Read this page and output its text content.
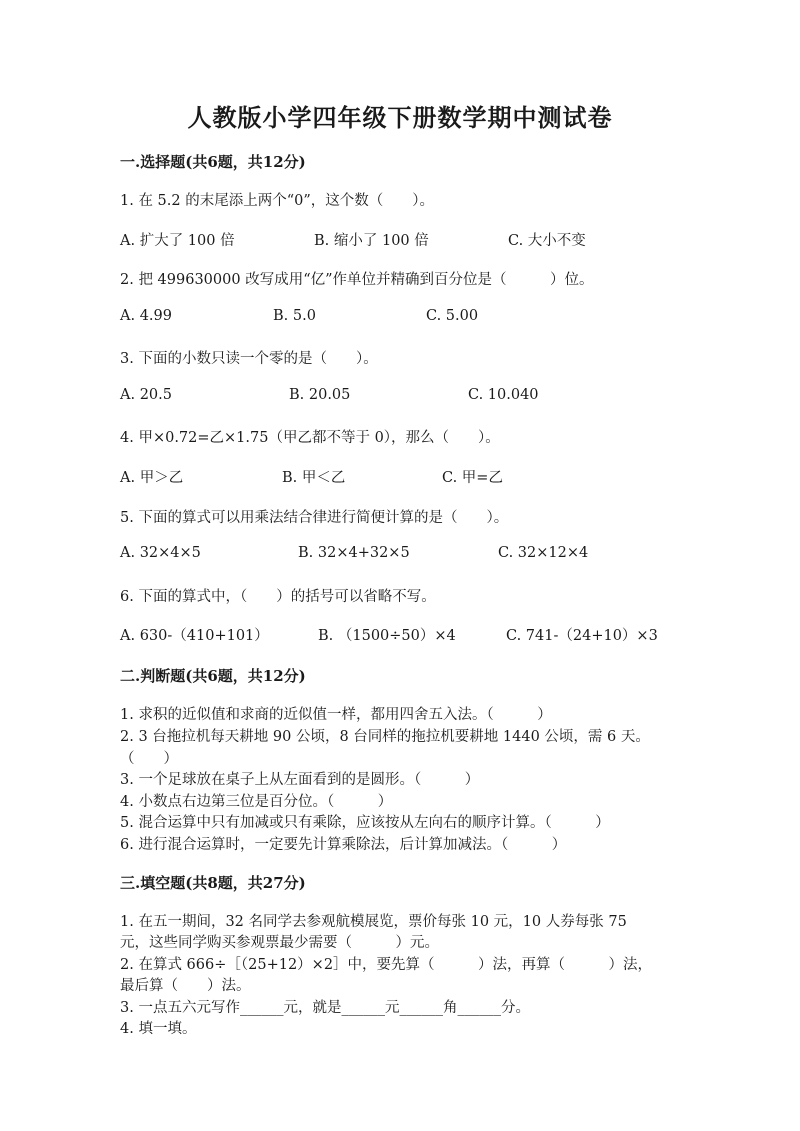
人教版小学四年级下册数学期中测试卷
一.选择题(共6题，共12分)
1. 在 5.2 的末尾添上两个“0”，这个数（　　）。
A. 扩大了 100 倍	B. 缩小了 100 倍	C. 大小不变
2. 把 499630000 改写成用“亿”作单位并精确到百分位是（　　　）位。
A. 4.99	B. 5.0	C. 5.00
3. 下面的小数只读一个零的是（　　）。
A. 20.5	B. 20.05	C. 10.040
4. 甲×0.72=乙×1.75（甲乙都不等于 0），那么（　　）。
A. 甲＞乙	B. 甲＜乙	C. 甲=乙
5. 下面的算式可以用乘法结合律进行简便计算的是（　　）。
A. 32×4×5	B. 32×4+32×5	C. 32×12×4
6. 下面的算式中，（　　）的括号可以省略不写。
A. 630-（410+101）	B. （1500÷50）×4	C. 741-（24+10）×3
二.判断题(共6题，共12分)
1. 求积的近似值和求商的近似值一样，都用四舍五入法。（　　　）
2. 3 台拖拉机每天耕地 90 公顷，8 台同样的拖拉机要耕地 1440 公顷，需 6 天。
（　　）
3. 一个足球放在桌子上从左面看到的是圆形。（　　　）
4. 小数点右边第三位是百分位。（　　　）
5. 混合运算中只有加减或只有乘除，应该按从左向右的顺序计算。（　　　）
6. 进行混合运算时，一定要先计算乘除法，后计算加减法。（　　　）
三.填空题(共8题，共27分)
1. 在五一期间，32 名同学去参观航模展览，票价每张 10 元，10 人券每张 75
元，这些同学购买参观票最少需要（　　　）元。
2. 在算式 666÷［（25+12）×2］中，要先算（　　　）法，再算（　　　）法，
最后算（　　）法。
3. 一点五六元写作______元，就是______元______角______分。
4. 填一填。
